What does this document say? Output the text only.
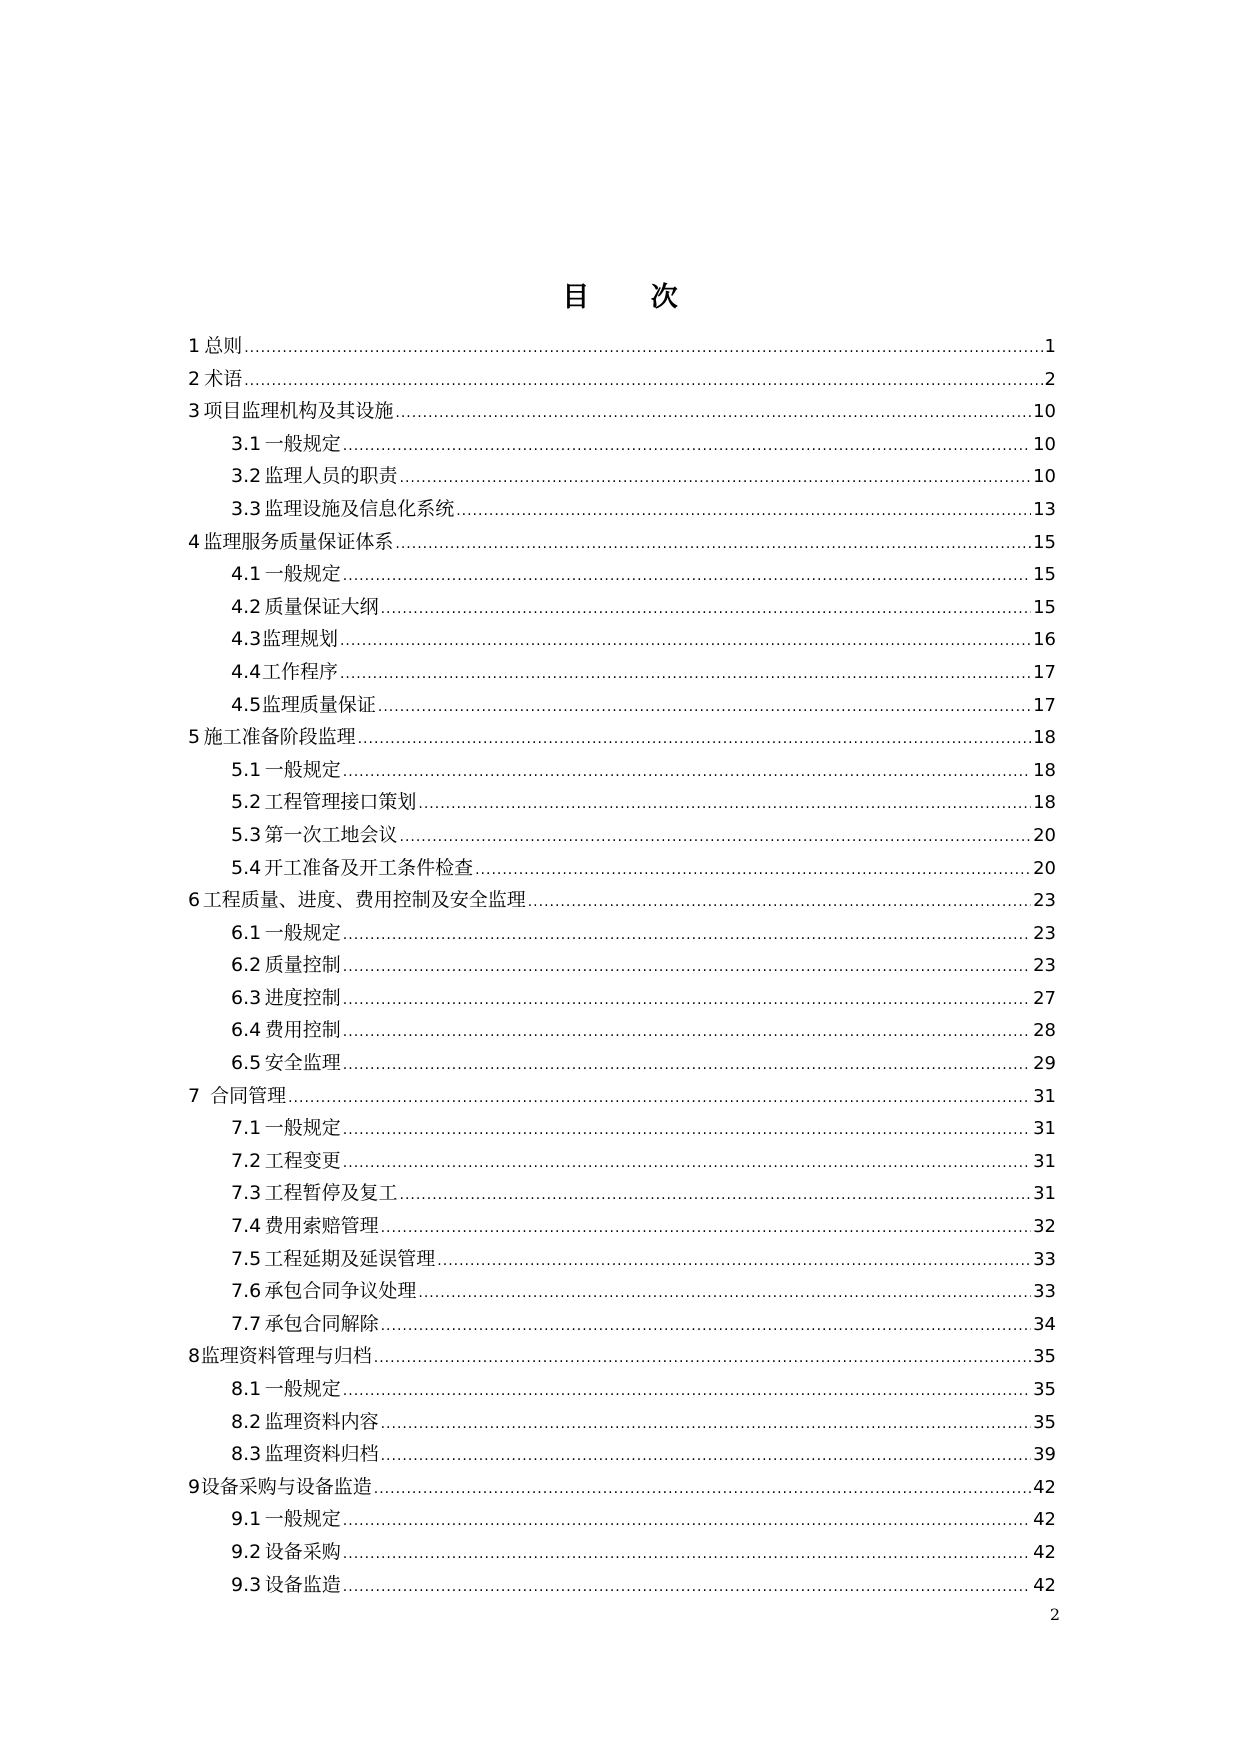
目 次
1 总则 .....	1
2 术语 .....	2
3 项目监理机构及其设施 .....	10
3.1 一般规定 .....	10
3.2 监理人员的职责 .....	10
3.3 监理设施及信息化系统 .....	13
4 监理服务质量保证体系 .....	15
4.1 一般规定 .....	15
4.2 质量保证大纲 .....	15
4.3 监理规划 .....	16
4.4 工作程序 .....	17
4.5 监理质量保证 .....	17
5 施工准备阶段监理 .....	18
5.1 一般规定 .....	18
5.2 工程管理接口策划 .....	18
5.3 第一次工地会议 .....	20
5.4 开工准备及开工条件检查 .....	20
6 工程质量、进度、费用控制及安全监理 .....	23
6.1 一般规定 .....	23
6.2 质量控制 .....	23
6.3 进度控制 .....	27
6.4 费用控制 .....	28
6.5 安全监理 .....	29
7 合同管理 .....	31
7.1 一般规定 .....	31
7.2 工程变更 .....	31
7.3 工程暂停及复工 .....	31
7.4 费用索赔管理 .....	32
7.5 工程延期及延误管理 .....	33
7.6 承包合同争议处理 .....	33
7.7 承包合同解除 .....	34
8 监理资料管理与归档 .....	35
8.1 一般规定 .....	35
8.2 监理资料内容 .....	35
8.3 监理资料归档 .....	39
9 设备采购与设备监造 .....	42
9.1 一般规定 .....	42
9.2 设备采购 .....	42
9.3 设备监造 .....	42
2
